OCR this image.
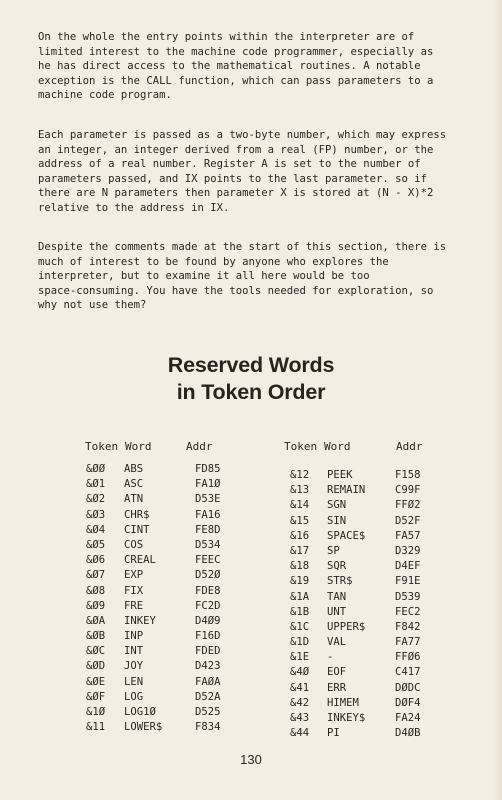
On the whole the entry points within the interpreter are of
limited interest to the machine code programmer, especially as
he has direct access to the mathematical routines. A notable
exception is the CALL function, which can pass parameters to a
machine code program.

Each parameter is passed as a two-byte number, which may express
an integer, an integer derived from a real (FP) number, or the
address of a real number. Register A is set to the number of
parameters passed, and IX points to the last parameter. so if
there are N parameters then parameter X is stored at (N - X)*2
relative to the address in IX.

Despite the comments made at the start of this section, there is
much of interest to be found by anyone who explores the
interpreter, but to examine it all here would be too
space-consuming. You have the tools needed for exploration, so
why not use them?

Reserved Words
in Token Order
Token Word	Addr	Token Word	Addr
&ØØ ABS	FD85
&Ø1 ASC	FA1Ø
&Ø2 ATN	D53E
&Ø3 CHR$	FA16
&Ø4 CINT	FE8D
&Ø5 COS	D534
&Ø6 CREAL	FEEC
&Ø7 EXP	D52Ø
&Ø8 FIX	FDE8
&Ø9 FRE	FC2D
&ØA INKEY	D4Ø9
&ØB INP	F16D
&ØC INT	FDED
&ØD JOY	D423
&ØE LEN	FAØA
&ØF LOG	D52A
&1Ø LOG1Ø	D525
&11 LOWER$	F834
&12 PEEK	F158
&13 REMAIN	C99F
&14 SGN	FFØ2
&15 SIN	D52F
&16 SPACE$	FA57
&17 SP	D329
&18 SQR	D4EF
&19 STR$	F91E
&1A TAN	D539
&1B UNT	FEC2
&1C UPPER$	F842
&1D VAL	FA77
&1E -	FFØ6
&4Ø EOF	C417
&41 ERR	DØDC
&42 HIMEM	DØF4
&43 INKEY$	FA24
&44 PI	D4ØB
130
